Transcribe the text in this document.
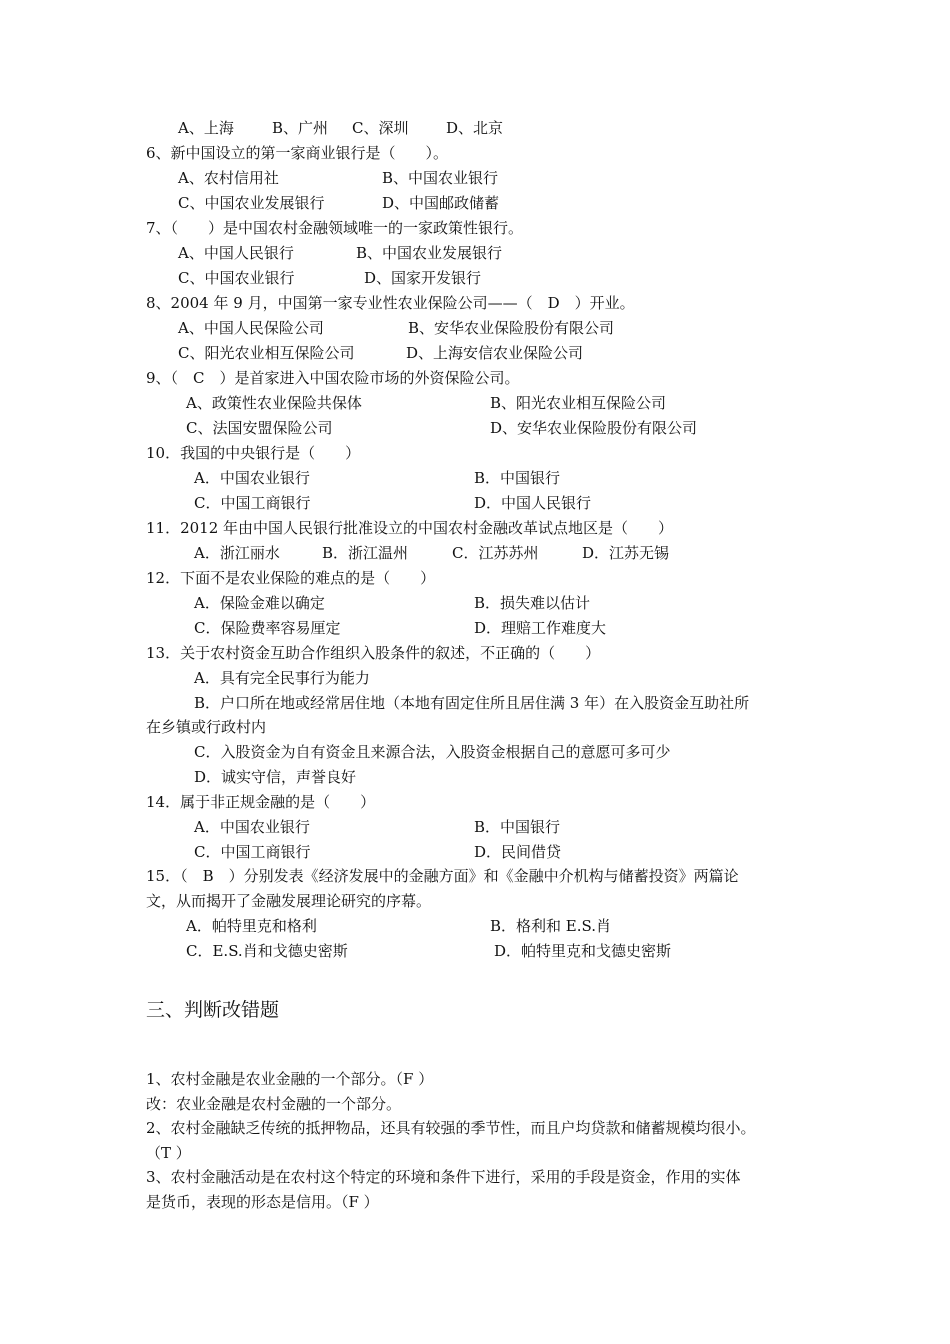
A、上海	B、广州 C、深圳	D、北京
6、新中国设立的第一家商业银行是（　　）。
A、农村信用社	B、中国农业银行
C、中国农业发展银行	D、中国邮政储蓄
7、（　　）是中国农村金融领域唯一的一家政策性银行。
A、中国人民银行	B、中国农业发展银行
C、中国农业银行	D、国家开发银行
8、2004 年 9 月，中国第一家专业性农业保险公司——（　D　）开业。
A、中国人民保险公司	B、安华农业保险股份有限公司
C、阳光农业相互保险公司	D、上海安信农业保险公司
9、（　C　）是首家进入中国农险市场的外资保险公司。
A、政策性农业保险共保体	B、阳光农业相互保险公司
C、法国安盟保险公司	D、安华农业保险股份有限公司
10．我国的中央银行是（　　）
A．中国农业银行	B．中国银行
C．中国工商银行	D．中国人民银行
11．2012 年由中国人民银行批准设立的中国农村金融改革试点地区是（　　）
A．浙江丽水	B．浙江温州	C．江苏苏州	D．江苏无锡
12．下面不是农业保险的难点的是（　　）
A．保险金难以确定	B．损失难以估计
C．保险费率容易厘定	D．理赔工作难度大
13．关于农村资金互助合作组织入股条件的叙述，不正确的（　　）
A．具有完全民事行为能力
B．户口所在地或经常居住地（本地有固定住所且居住满 3 年）在入股资金互助社所
在乡镇或行政村内
C．入股资金为自有资金且来源合法，入股资金根据自己的意愿可多可少
D．诚实守信，声誉良好
14．属于非正规金融的是（　　）
A．中国农业银行	B．中国银行
C．中国工商银行	D．民间借贷
15．（　B　）分别发表《经济发展中的金融方面》和《金融中介机构与储蓄投资》两篇论
文，从而揭开了金融发展理论研究的序幕。
A．帕特里克和格利	B．格利和 E.S.肖
C．E.S.肖和戈德史密斯	D．帕特里克和戈德史密斯
三、判断改错题
1、农村金融是农业金融的一个部分。（F ）
改：农业金融是农村金融的一个部分。
2、农村金融缺乏传统的抵押物品，还具有较强的季节性，而且户均贷款和储蓄规模均很小。
（T ）
3、农村金融活动是在农村这个特定的环境和条件下进行，采用的手段是资金，作用的实体
是货币，表现的形态是信用。（F ）
